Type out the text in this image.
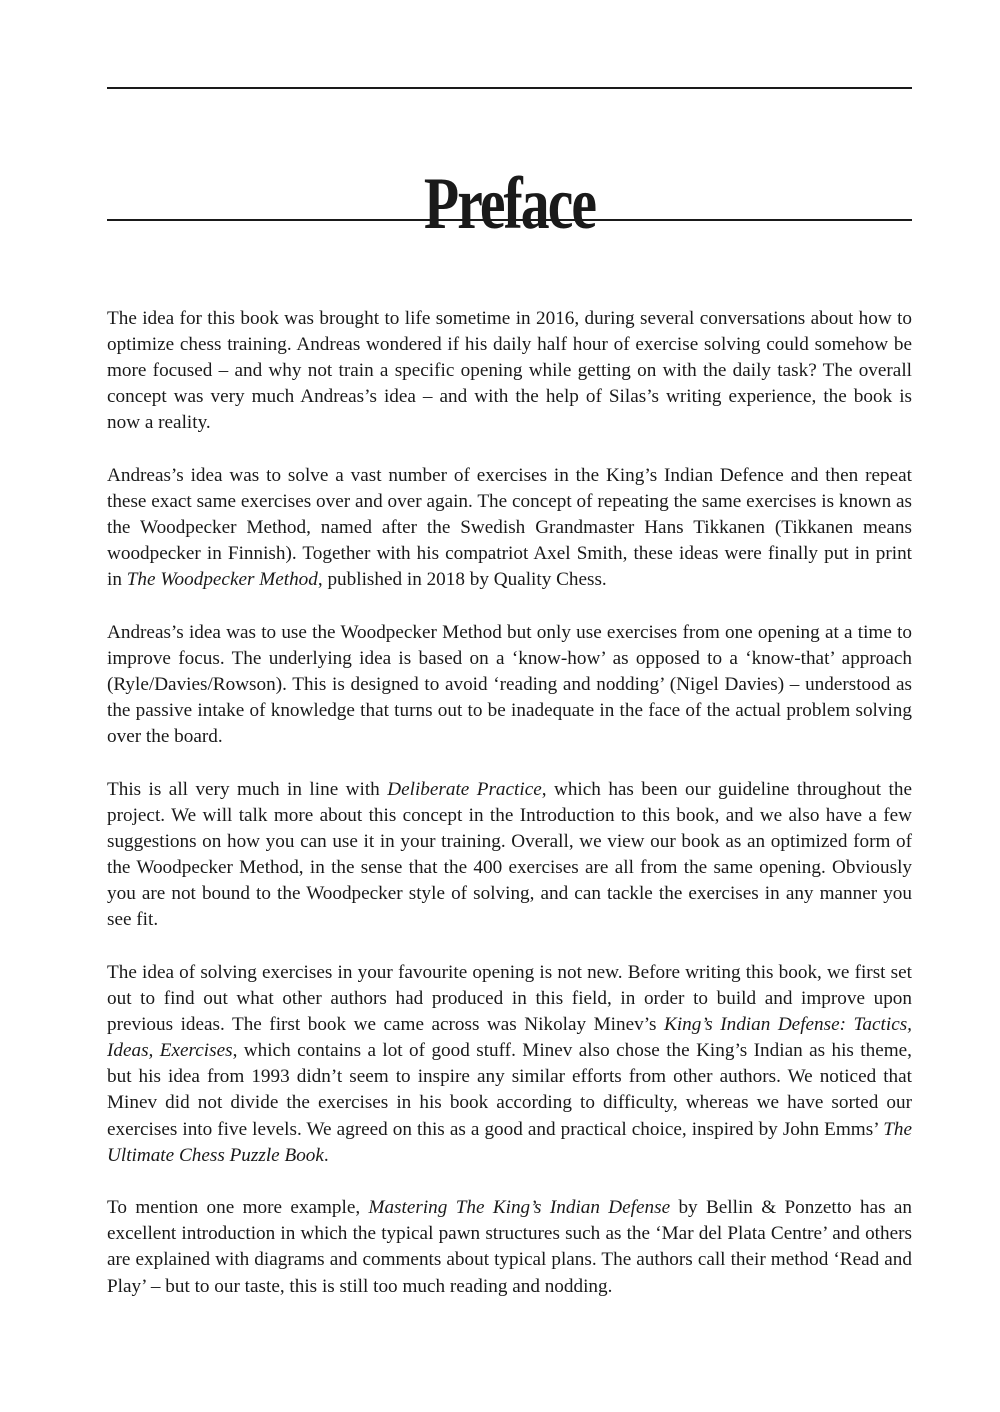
Preface

The idea for this book was brought to life sometime in 2016, during several conversations about how to optimize chess training. Andreas wondered if his daily half hour of exercise solving could somehow be more focused – and why not train a specific opening while getting on with the daily task? The overall concept was very much Andreas’s idea – and with the help of Silas’s writing experience, the book is now a reality.

Andreas’s idea was to solve a vast number of exercises in the King’s Indian Defence and then repeat these exact same exercises over and over again. The concept of repeating the same exercises is known as the Woodpecker Method, named after the Swedish Grandmaster Hans Tikkanen (Tikkanen means woodpecker in Finnish). Together with his compatriot Axel Smith, these ideas were finally put in print in The Woodpecker Method, published in 2018 by Quality Chess.

Andreas’s idea was to use the Woodpecker Method but only use exercises from one opening at a time to improve focus. The underlying idea is based on a ‘know-how’ as opposed to a ‘know-that’ approach (Ryle/Davies/Rowson). This is designed to avoid ‘reading and nodding’ (Nigel Davies) – understood as the passive intake of knowledge that turns out to be inadequate in the face of the actual problem solving over the board.

This is all very much in line with Deliberate Practice, which has been our guideline throughout the project. We will talk more about this concept in the Introduction to this book, and we also have a few suggestions on how you can use it in your training. Overall, we view our book as an optimized form of the Woodpecker Method, in the sense that the 400 exercises are all from the same opening. Obviously you are not bound to the Woodpecker style of solving, and can tackle the exercises in any manner you see fit.

The idea of solving exercises in your favourite opening is not new. Before writing this book, we first set out to find out what other authors had produced in this field, in order to build and improve upon previous ideas. The first book we came across was Nikolay Minev’s King’s Indian Defense: Tactics, Ideas, Exercises, which contains a lot of good stuff. Minev also chose the King’s Indian as his theme, but his idea from 1993 didn’t seem to inspire any similar efforts from other authors. We noticed that Minev did not divide the exercises in his book according to difficulty, whereas we have sorted our exercises into five levels. We agreed on this as a good and practical choice, inspired by John Emms’ The Ultimate Chess Puzzle Book.

To mention one more example, Mastering The King’s Indian Defense by Bellin & Ponzetto has an excellent introduction in which the typical pawn structures such as the ‘Mar del Plata Centre’ and others are explained with diagrams and comments about typical plans. The authors call their method ‘Read and Play’ – but to our taste, this is still too much reading and nodding.
